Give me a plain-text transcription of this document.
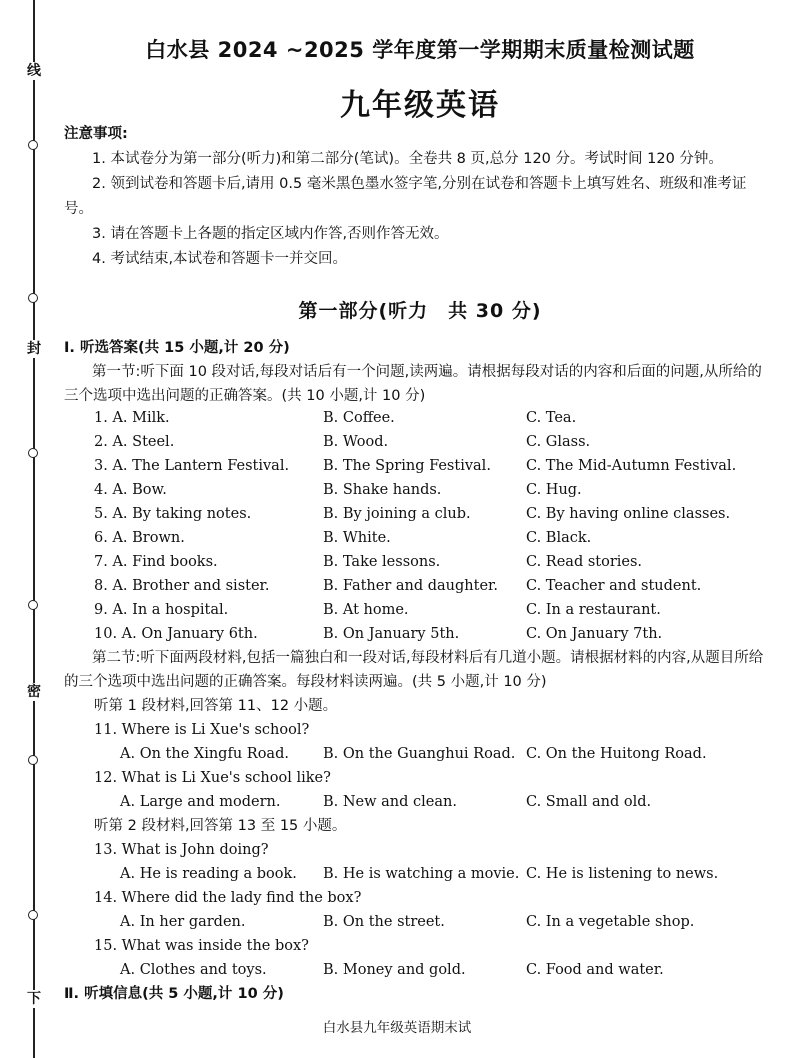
线
封
密
下
白水县 2024 ~2025 学年度第一学期期末质量检测试题
九年级英语
注意事项:
1. 本试卷分为第一部分(听力)和第二部分(笔试)。全卷共 8 页,总分 120 分。考试时间 120 分钟。
2. 领到试卷和答题卡后,请用 0.5 毫米黑色墨水签字笔,分别在试卷和答题卡上填写姓名、班级和准考证号。
3. 请在答题卡上各题的指定区域内作答,否则作答无效。
4. 考试结束,本试卷和答题卡一并交回。
第一部分(听力　共 30 分)
Ⅰ. 听选答案(共 15 小题,计 20 分)
第一节:听下面 10 段对话,每段对话后有一个问题,读两遍。请根据每段对话的内容和后面的问题,从所给的三个选项中选出问题的正确答案。(共 10 小题,计 10 分)
1. A. Milk.	B. Coffee.	C. Tea.
2. A. Steel.	B. Wood.	C. Glass.
3. A. The Lantern Festival. B. The Spring Festival. C. The Mid-Autumn Festival.
4. A. Bow.	B. Shake hands.	C. Hug.
5. A. By taking notes.	B. By joining a club.	C. By having online classes.
6. A. Brown.	B. White.	C. Black.
7. A. Find books.	B. Take lessons.	C. Read stories.
8. A. Brother and sister.	B. Father and daughter. C. Teacher and student.
9. A. In a hospital.	B. At home.	C. In a restaurant.
10. A. On January 6th.	B. On January 5th.	C. On January 7th.
第二节:听下面两段材料,包括一篇独白和一段对话,每段材料后有几道小题。请根据材料的内容,从题目所给的三个选项中选出问题的正确答案。每段材料读两遍。(共 5 小题,计 10 分)
听第 1 段材料,回答第 11、12 小题。
11. Where is Li Xue's school?
A. On the Xingfu Road. B. On the Guanghui Road. C. On the Huitong Road.
12. What is Li Xue's school like?
A. Large and modern.	B. New and clean.	C. Small and old.
听第 2 段材料,回答第 13 至 15 小题。
13. What is John doing?
A. He is reading a book. B. He is watching a movie. C. He is listening to news.
14. Where did the lady find the box?
A. In her garden.	B. On the street.	C. In a vegetable shop.
15. What was inside the box?
A. Clothes and toys.	B. Money and gold.	C. Food and water.
Ⅱ. 听填信息(共 5 小题,计 10 分)
白水县九年级英语期末试
